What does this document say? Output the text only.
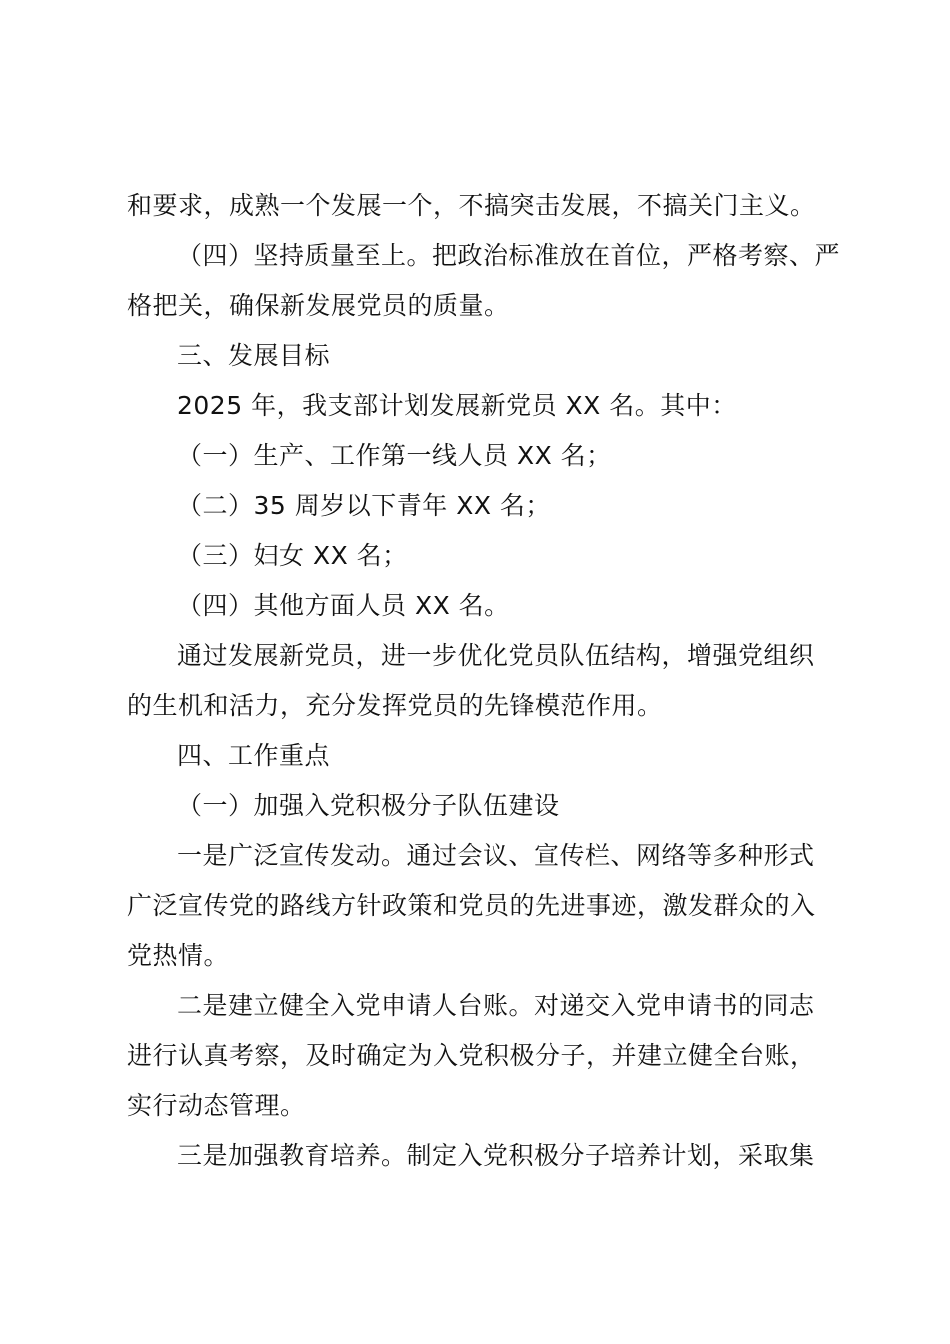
和要求，成熟一个发展一个，不搞突击发展，不搞关门主义。
（四）坚持质量至上。把政治标准放在首位，严格考察、严
格把关，确保新发展党员的质量。
三、发展目标
2025 年，我支部计划发展新党员 XX 名。其中：
（一）生产、工作第一线人员 XX 名；
（二）35 周岁以下青年 XX 名；
（三）妇女 XX 名；
（四）其他方面人员 XX 名。
通过发展新党员，进一步优化党员队伍结构，增强党组织
的生机和活力，充分发挥党员的先锋模范作用。
四、工作重点
（一）加强入党积极分子队伍建设
一是广泛宣传发动。通过会议、宣传栏、网络等多种形式
广泛宣传党的路线方针政策和党员的先进事迹，激发群众的入
党热情。
二是建立健全入党申请人台账。对递交入党申请书的同志
进行认真考察，及时确定为入党积极分子，并建立健全台账，
实行动态管理。
三是加强教育培养。制定入党积极分子培养计划，采取集
